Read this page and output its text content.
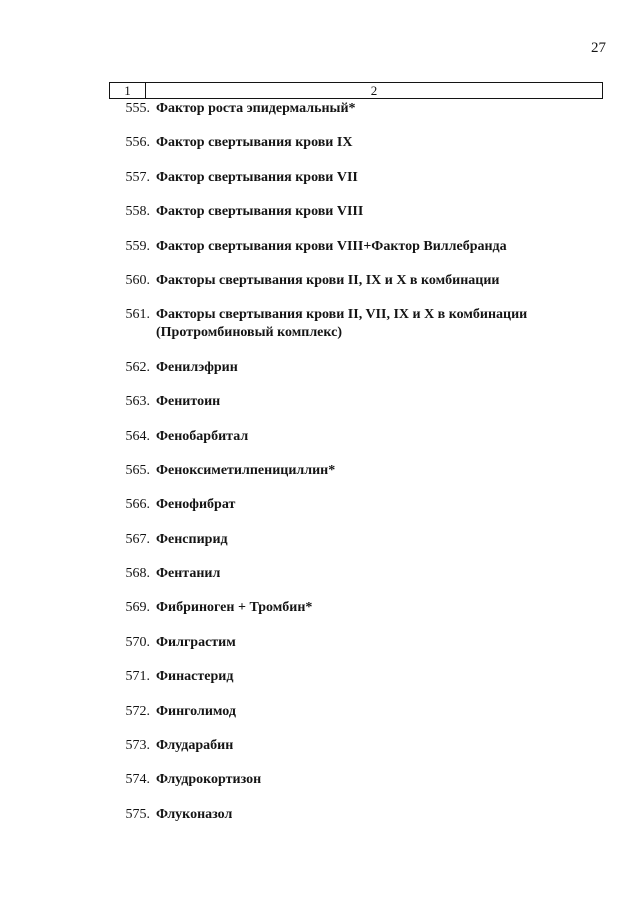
27
1	2
555. Фактор роста эпидермальный*
556. Фактор свертывания крови IX
557. Фактор свертывания крови VII
558. Фактор свертывания крови VIII
559. Фактор свертывания крови VIII+Фактор Виллебранда
560. Факторы свертывания крови II, IX и X в комбинации
561. Факторы свертывания крови II, VII, IX и X в комбинации (Протромбиновый комплекс)
562. Фенилэфрин
563. Фенитоин
564. Фенобарбитал
565. Феноксиметилпенициллин*
566. Фенофибрат
567. Фенспирид
568. Фентанил
569. Фибриноген + Тромбин*
570. Филграстим
571. Финастерид
572. Финголимод
573. Флударабин
574. Флудрокортизон
575. Флуконазол
